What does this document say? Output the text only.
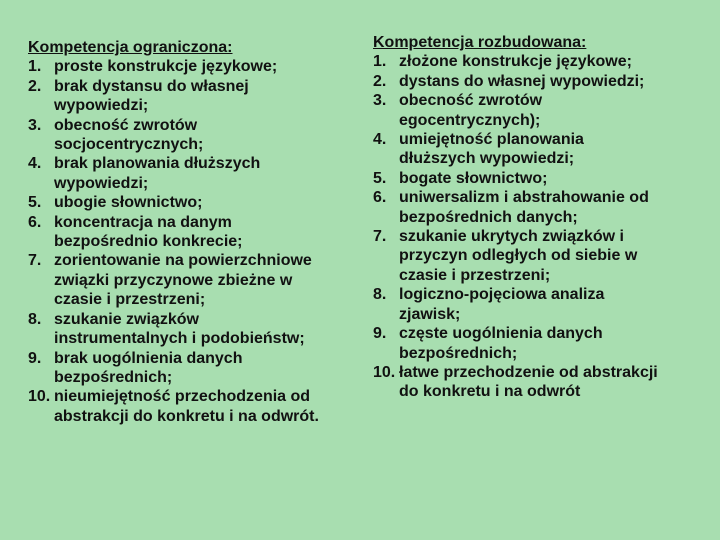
Kompetencja ograniczona:
1. proste konstrukcje językowe;
2. brak dystansu do własnej
wypowiedzi;
3. obecność zwrotów
socjocentrycznych;
4. brak planowania dłuższych
wypowiedzi;
5. ubogie słownictwo;
6. koncentracja na danym
bezpośrednio konkrecie;
7. zorientowanie na powierzchniowe
związki przyczynowe zbieżne w
czasie i przestrzeni;
8. szukanie związków
instrumentalnych i podobieństw;
9. brak uogólnienia danych
bezpośrednich;
10. nieumiejętność przechodzenia od
abstrakcji do konkretu i na odwrót.
Kompetencja rozbudowana:
1. złożone konstrukcje językowe;
2. dystans do własnej wypowiedzi;
3. obecność zwrotów
egocentrycznych);
4. umiejętność planowania
dłuższych wypowiedzi;
5. bogate słownictwo;
6. uniwersalizm i abstrahowanie od
bezpośrednich danych;
7. szukanie ukrytych związków i
przyczyn odległych od siebie w
czasie i przestrzeni;
8. logiczno-pojęciowa analiza
zjawisk;
9. częste uogólnienia danych
bezpośrednich;
10. łatwe przechodzenie od abstrakcji
do konkretu i na odwrót
